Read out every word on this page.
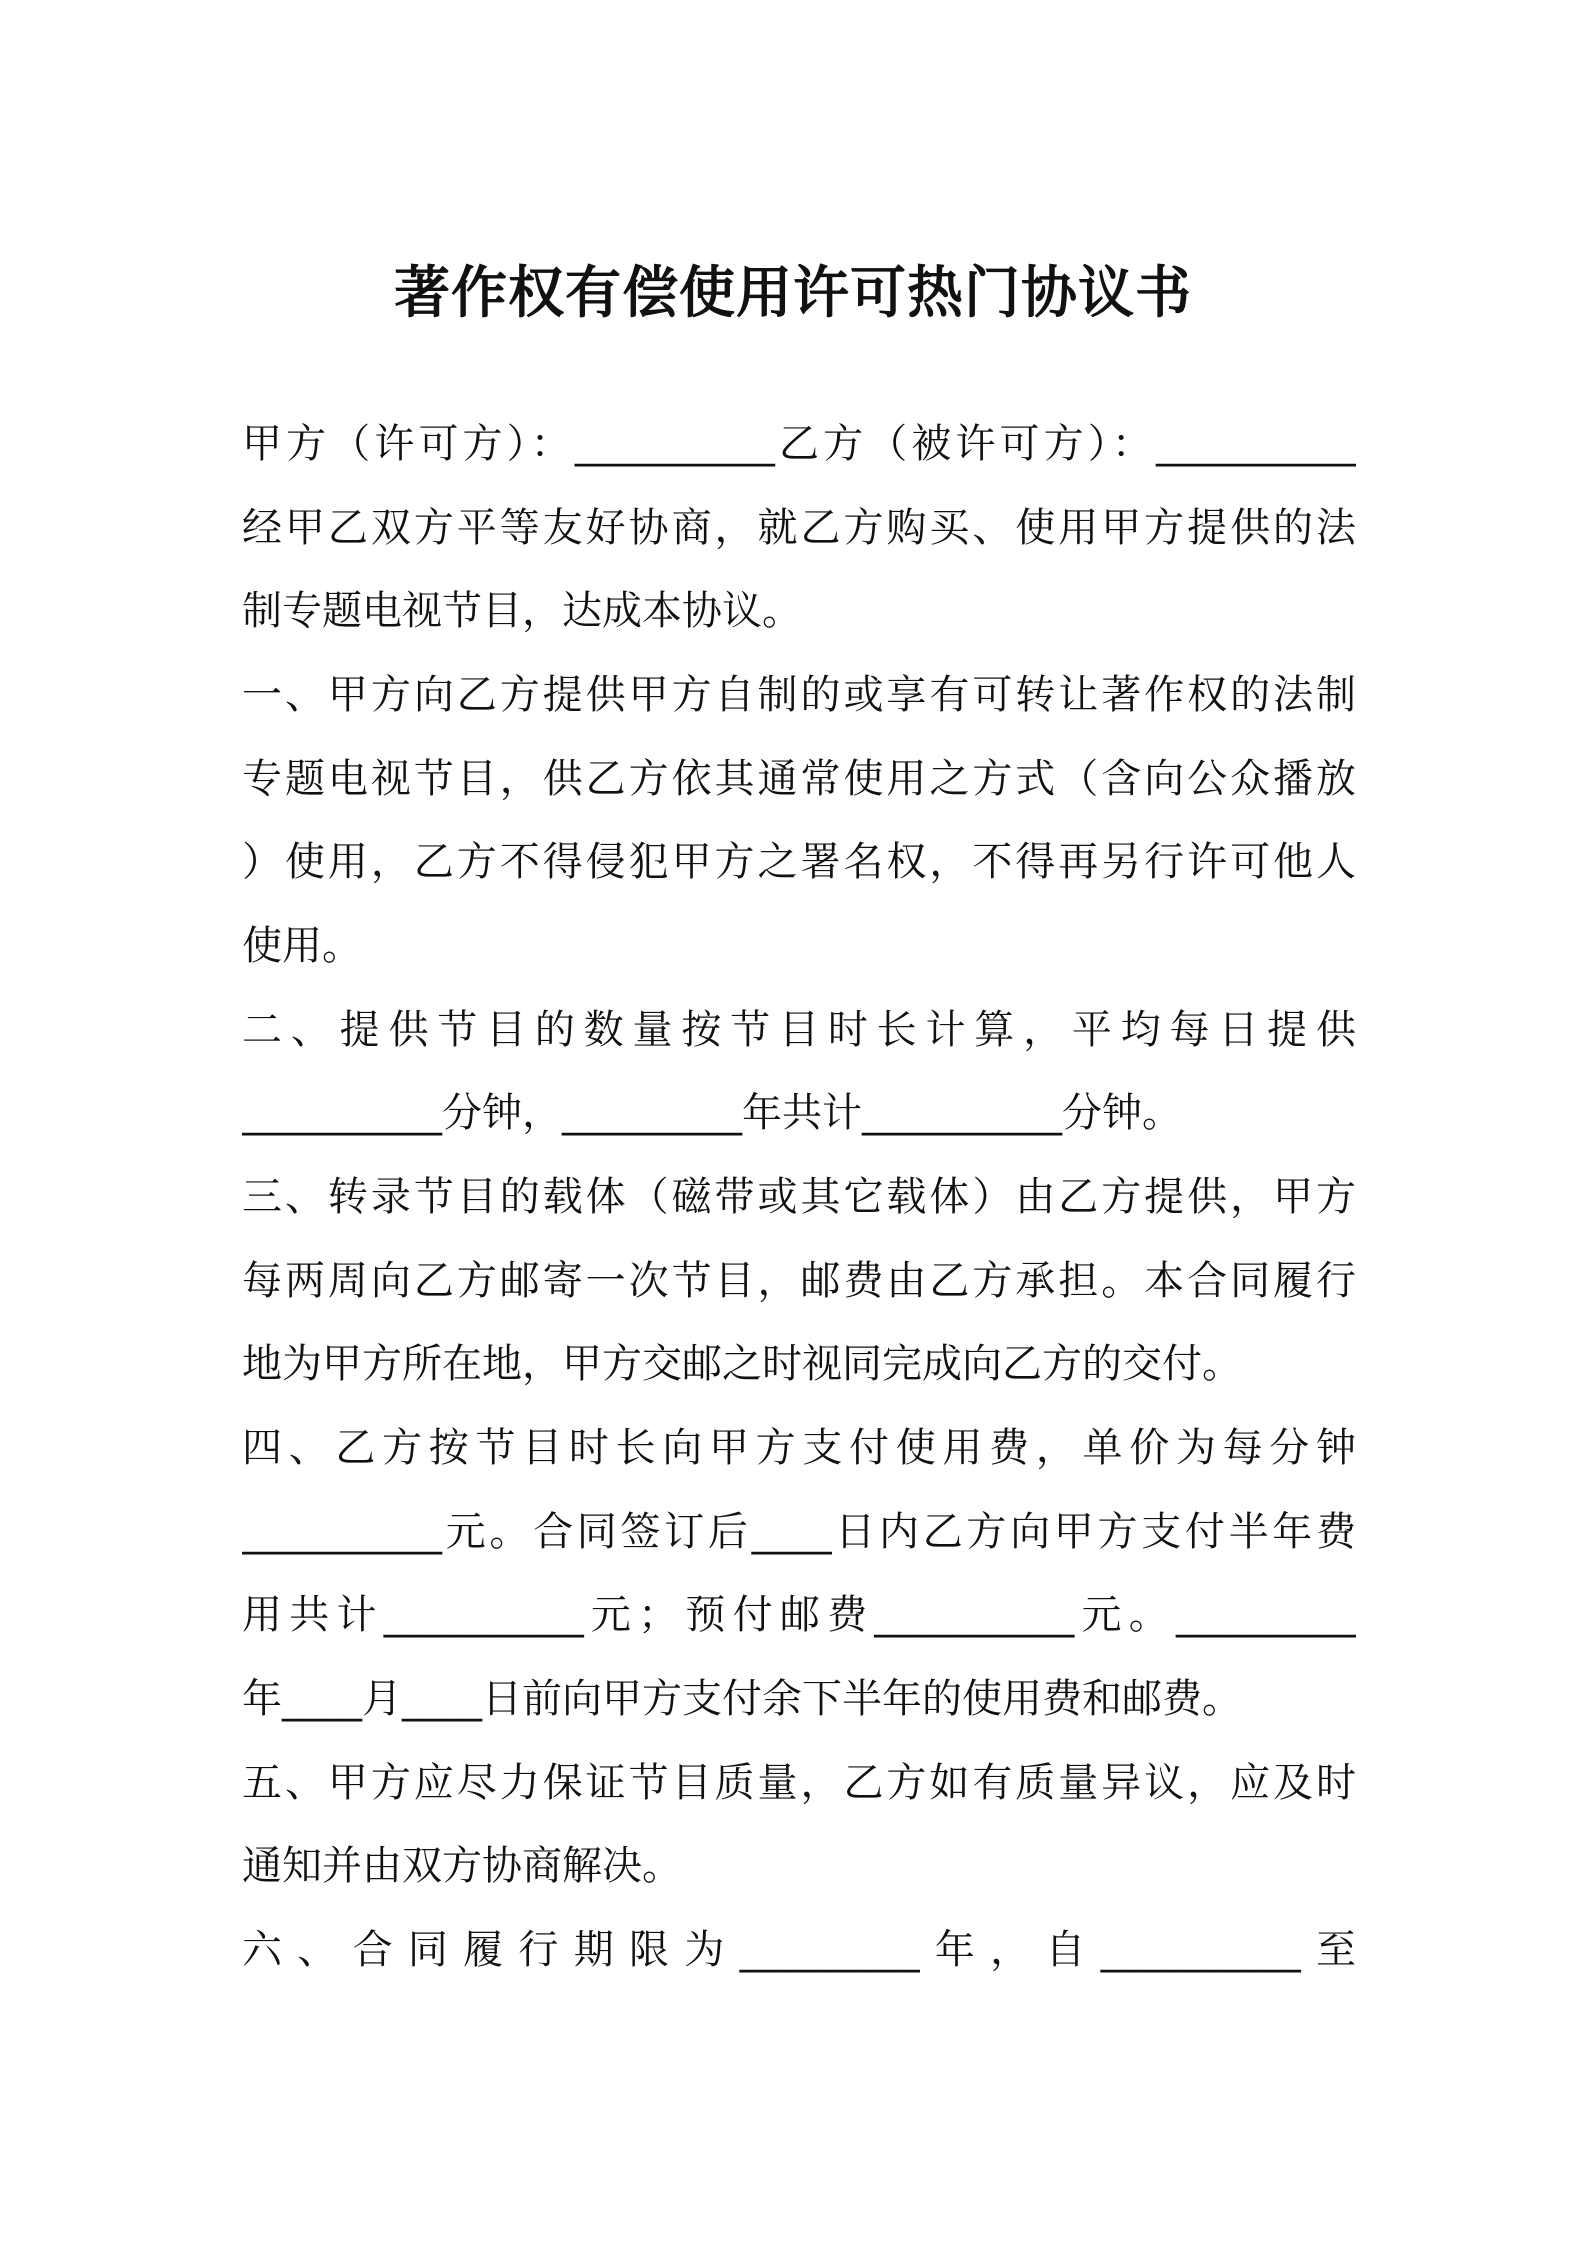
著作权有偿使用许可热门协议书
甲方（许可方）：__________乙方（被许可方）：__________
经甲乙双方平等友好协商，就乙方购买、使用甲方提供的法
制专题电视节目，达成本协议。
一、甲方向乙方提供甲方自制的或享有可转让著作权的法制
专题电视节目，供乙方依其通常使用之方式（含向公众播放
）使用，乙方不得侵犯甲方之署名权，不得再另行许可他人
使用。
二、提供节目的数量按节目时长计算，平均每日提供
__________分钟，_________年共计__________分钟。
三、转录节目的载体（磁带或其它载体）由乙方提供，甲方
每两周向乙方邮寄一次节目，邮费由乙方承担。本合同履行
地为甲方所在地，甲方交邮之时视同完成向乙方的交付。
四、乙方按节目时长向甲方支付使用费，单价为每分钟
__________元。合同签订后____日内乙方向甲方支付半年费
用共计__________元；预付邮费__________元。_________
年____月____日前向甲方支付余下半年的使用费和邮费。
五、甲方应尽力保证节目质量，乙方如有质量异议，应及时
通知并由双方协商解决。
六、合同履行期限为_________年，自__________至
